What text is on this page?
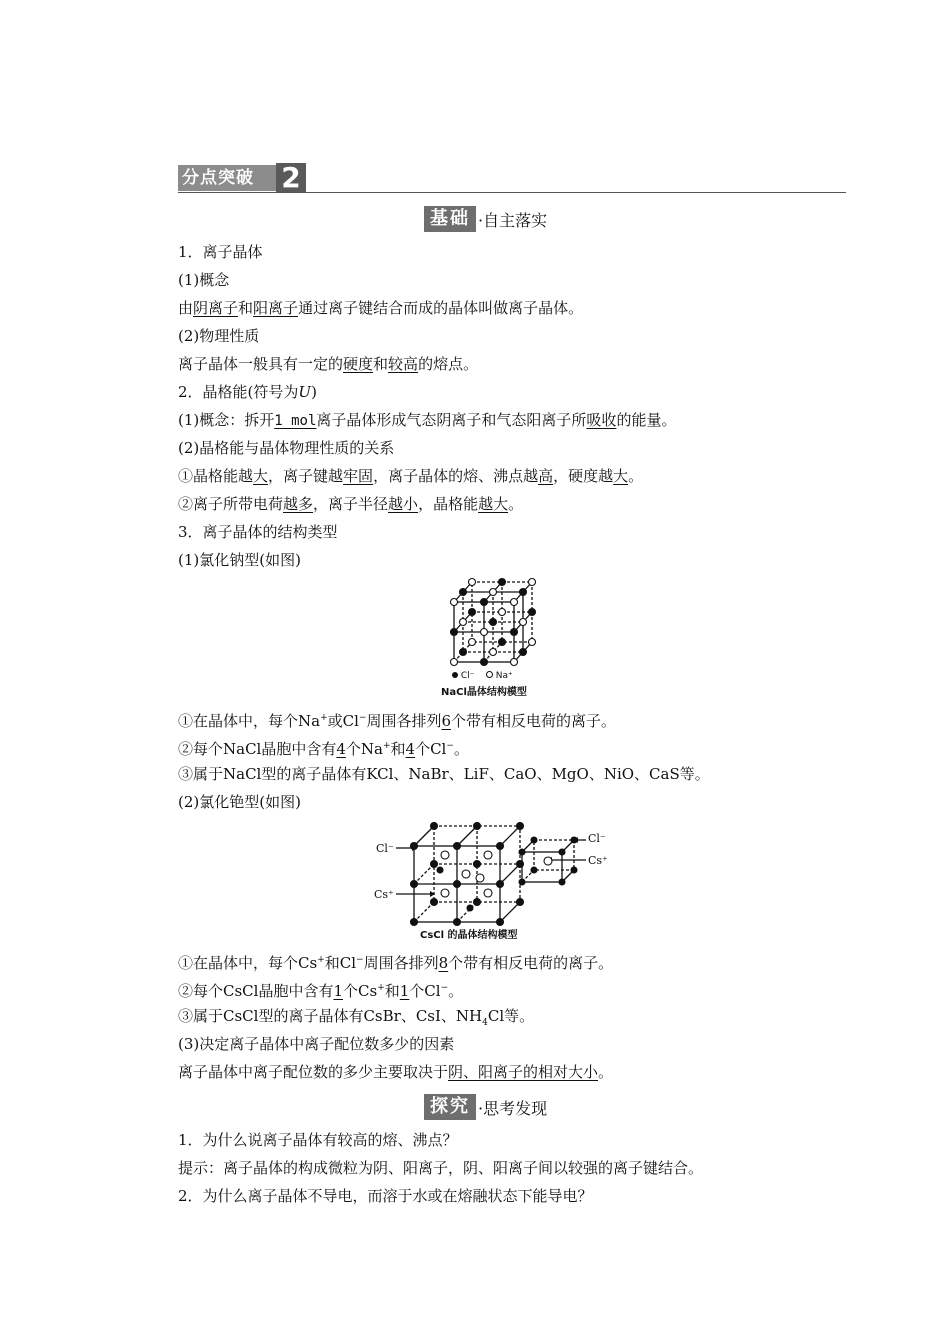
分点突破 2
基础 ·自主落实
1．离子晶体
(1)概念
由阴离子和阳离子通过离子键结合而成的晶体叫做离子晶体。
(2)物理性质
离子晶体一般具有一定的硬度和较高的熔点。
2．晶格能(符号为U)
(1)概念：拆开1 mol离子晶体形成气态阴离子和气态阳离子所吸收的能量。
(2)晶格能与晶体物理性质的关系
①晶格能越大，离子键越牢固，离子晶体的熔、沸点越高，硬度越大。
②离子所带电荷越多，离子半径越小，晶格能越大。
3．离子晶体的结构类型
(1)氯化钠型(如图)
Cl⁻ Na⁺
NaCl晶体结构模型
①在晶体中，每个Na+或Cl−周围各排列6个带有相反电荷的离子。
②每个NaCl晶胞中含有4个Na+和4个Cl−。
③属于NaCl型的离子晶体有KCl、NaBr、LiF、CaO、MgO、NiO、CaS等。
(2)氯化铯型(如图)
Cl⁻
Cs⁺
Cl⁻
Cs⁺
CsCl 的晶体结构模型
①在晶体中，每个Cs+和Cl−周围各排列8个带有相反电荷的离子。
②每个CsCl晶胞中含有1个Cs+和1个Cl−。
③属于CsCl型的离子晶体有CsBr、CsI、$NH_4Cl$等。
(3)决定离子晶体中离子配位数多少的因素
离子晶体中离子配位数的多少主要取决于阴、阳离子的相对大小。
探究 ·思考发现
1．为什么说离子晶体有较高的熔、沸点？
提示：离子晶体的构成微粒为阴、阳离子，阴、阳离子间以较强的离子键结合。
2．为什么离子晶体不导电，而溶于水或在熔融状态下能导电？
